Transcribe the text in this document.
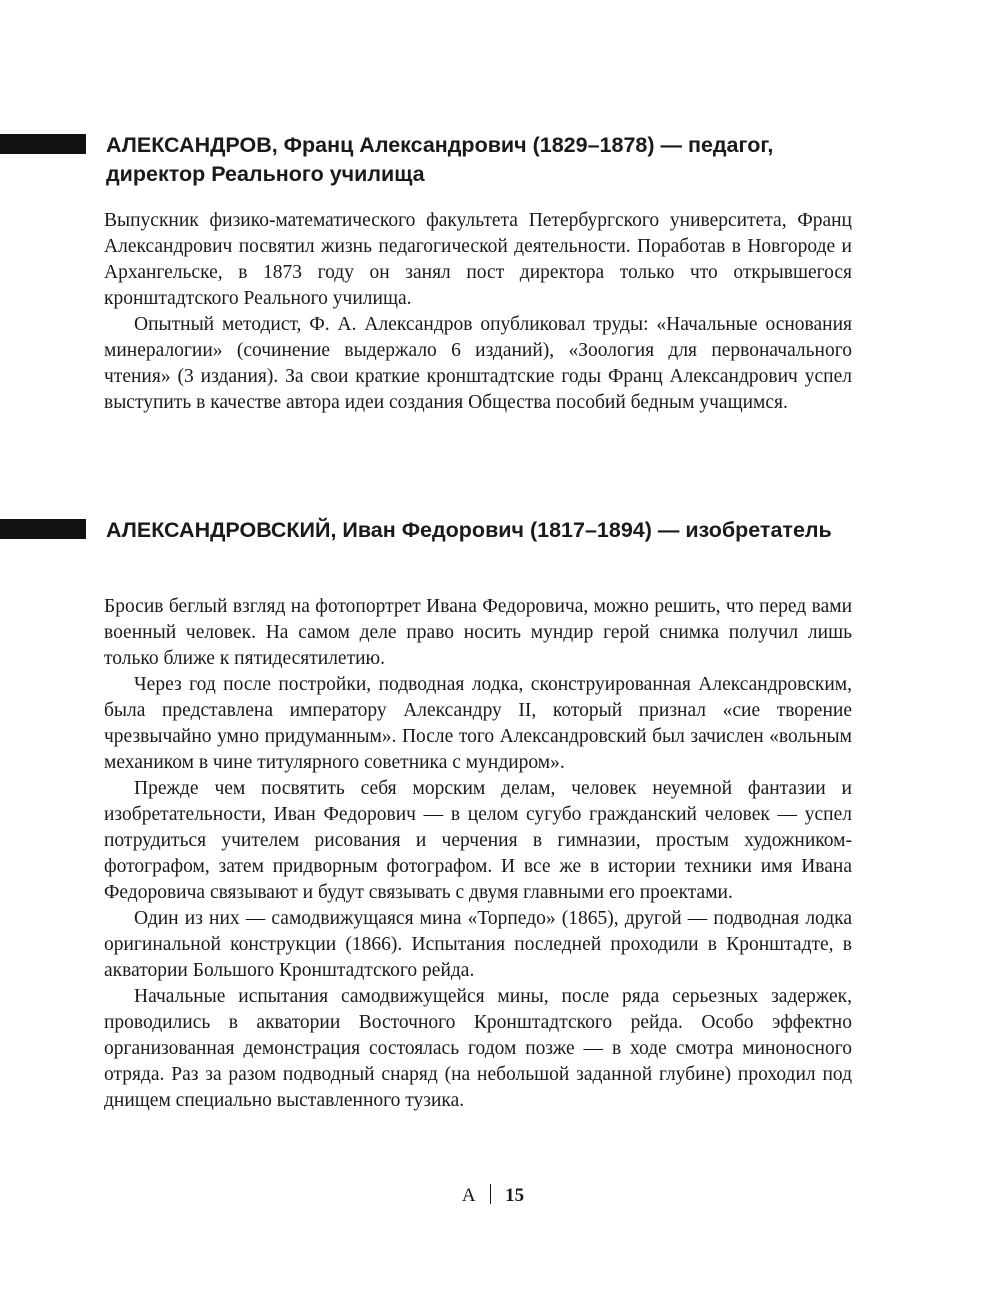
АЛЕКСАНДРОВ, Франц Александрович (1829–1878) — педагог, директор Реального училища

Выпускник физико-математического факультета Петербургского университета, Франц Александрович посвятил жизнь педагогической деятельности. Поработав в Новгороде и Архангельске, в 1873 году он занял пост директора только что открывшегося кронштадтского Реального училища.

Опытный методист, Ф. А. Александров опубликовал труды: «Начальные основания минералогии» (сочинение выдержало 6 изданий), «Зоология для первоначального чтения» (3 издания). За свои краткие кронштадтские годы Франц Александрович успел выступить в качестве автора идеи создания Общества пособий бедным учащимся.

АЛЕКСАНДРОВСКИЙ, Иван Федорович (1817–1894) — изобретатель

Бросив беглый взгляд на фотопортрет Ивана Федоровича, можно решить, что перед вами военный человек. На самом деле право носить мундир герой снимка получил лишь только ближе к пятидесятилетию.

Через год после постройки, подводная лодка, сконструированная Александровским, была представлена императору Александру II, который признал «сие творение чрезвычайно умно придуманным». После того Александровский был зачислен «вольным механиком в чине титулярного советника с мундиром».

Прежде чем посвятить себя морским делам, человек неуемной фантазии и изобретательности, Иван Федорович — в целом сугубо гражданский человек — успел потрудиться учителем рисования и черчения в гимназии, простым художником-фотографом, затем придворным фотографом. И все же в истории техники имя Ивана Федоровича связывают и будут связывать с двумя главными его проектами.

Один из них — самодвижущаяся мина «Торпедо» (1865), другой — подводная лодка оригинальной конструкции (1866). Испытания последней проходили в Кронштадте, в акватории Большого Кронштадтского рейда.

Начальные испытания самодвижущейся мины, после ряда серьезных задержек, проводились в акватории Восточного Кронштадтского рейда. Особо эффектно организованная демонстрация состоялась годом позже — в ходе смотра миноносного отряда. Раз за разом подводный снаряд (на небольшой заданной глубине) проходил под днищем специально выставленного тузика.

А 15
